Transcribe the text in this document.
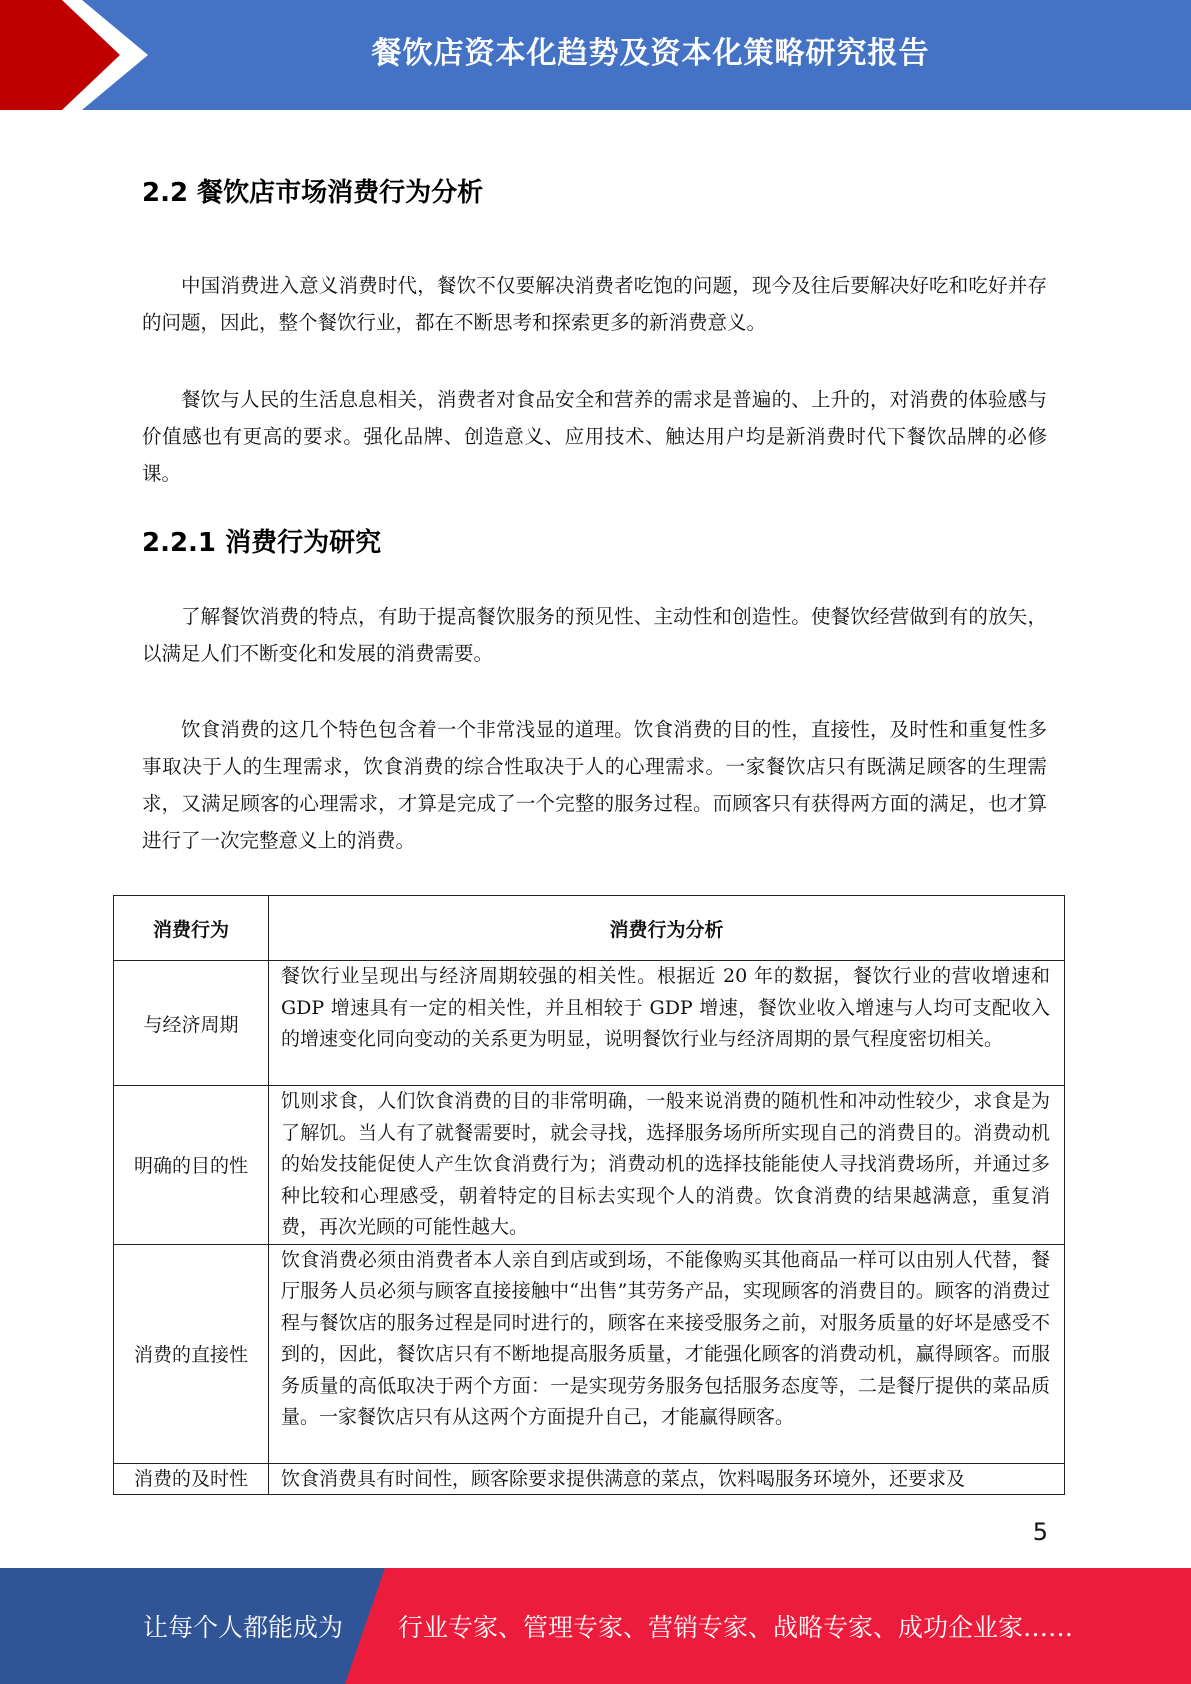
餐饮店资本化趋势及资本化策略研究报告
2.2 餐饮店市场消费行为分析

中国消费进入意义消费时代，餐饮不仅要解决消费者吃饱的问题，现今及往后要解决好吃和吃好并存的问题，因此，整个餐饮行业，都在不断思考和探索更多的新消费意义。

餐饮与人民的生活息息相关，消费者对食品安全和营养的需求是普遍的、上升的，对消费的体验感与价值感也有更高的要求。强化品牌、创造意义、应用技术、触达用户均是新消费时代下餐饮品牌的必修课。

2.2.1 消费行为研究

了解餐饮消费的特点，有助于提高餐饮服务的预见性、主动性和创造性。使餐饮经营做到有的放矢，以满足人们不断变化和发展的消费需要。

饮食消费的这几个特色包含着一个非常浅显的道理。饮食消费的目的性，直接性，及时性和重复性多事取决于人的生理需求，饮食消费的综合性取决于人的心理需求。一家餐饮店只有既满足顾客的生理需求，又满足顾客的心理需求，才算是完成了一个完整的服务过程。而顾客只有获得两方面的满足，也才算进行了一次完整意义上的消费。

消费行为	消费行为分析
与经济周期	餐饮行业呈现出与经济周期较强的相关性。根据近 20 年的数据，餐饮行业的营收增速和 GDP 增速具有一定的相关性，并且相较于 GDP 增速，餐饮业收入增速与人均可支配收入的增速变化同向变动的关系更为明显，说明餐饮行业与经济周期的景气程度密切相关。
明确的目的性	饥则求食，人们饮食消费的目的非常明确，一般来说消费的随机性和冲动性较少，求食是为了解饥。当人有了就餐需要时，就会寻找，选择服务场所所实现自己的消费目的。消费动机的始发技能促使人产生饮食消费行为；消费动机的选择技能能使人寻找消费场所，并通过多种比较和心理感受，朝着特定的目标去实现个人的消费。饮食消费的结果越满意，重复消费，再次光顾的可能性越大。
消费的直接性	饮食消费必须由消费者本人亲自到店或到场，不能像购买其他商品一样可以由别人代替，餐厅服务人员必须与顾客直接接触中“出售”其劳务产品，实现顾客的消费目的。顾客的消费过程与餐饮店的服务过程是同时进行的，顾客在来接受服务之前，对服务质量的好坏是感受不到的，因此，餐饮店只有不断地提高服务质量，才能强化顾客的消费动机，赢得顾客。而服务质量的高低取决于两个方面：一是实现劳务服务包括服务态度等，二是餐厅提供的菜品质量。一家餐饮店只有从这两个方面提升自己，才能赢得顾客。
消费的及时性	饮食消费具有时间性，顾客除要求提供满意的菜点，饮料喝服务环境外，还要求及
5
让每个人都能成为 行业专家、管理专家、营销专家、战略专家、成功企业家……
